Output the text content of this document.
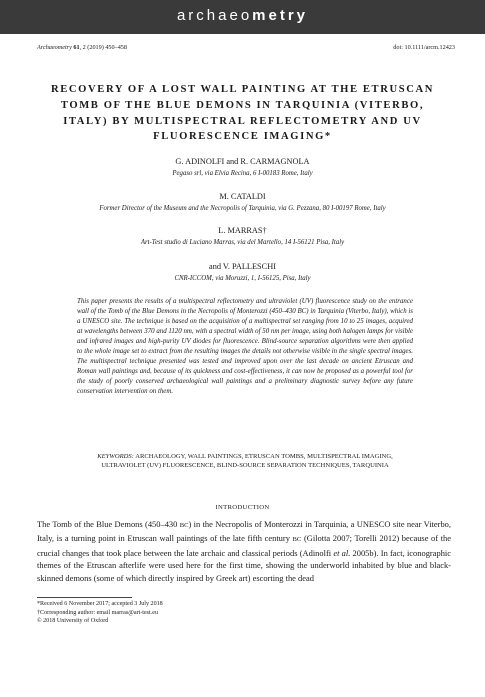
archaeometry
Archaeometry 61, 2 (2019) 450–458	doi: 10.1111/arcm.12423
RECOVERY OF A LOST WALL PAINTING AT THE ETRUSCAN TOMB OF THE BLUE DEMONS IN TARQUINIA (VITERBO, ITALY) BY MULTISPECTRAL REFLECTOMETRY AND UV FLUORESCENCE IMAGING*
G. ADINOLFI and R. CARMAGNOLA
Pegaso srl, via Elvia Recina, 6 I-00183 Rome, Italy
M. CATALDI
Former Director of the Museum and the Necropolis of Tarquinia, via G. Pezzana, 80 I-00197 Rome, Italy
L. MARRAS†
Art-Test studio di Luciano Marras, via del Martello, 14 I-56121 Pisa, Italy
and V. PALLESCHI
CNR-ICCOM, via Moruzzi, 1, I-56125, Pisa, Italy
This paper presents the results of a multispectral reflectometry and ultraviolet (UV) fluorescence study on the entrance wall of the Tomb of the Blue Demons in the Necropolis of Monterozzi (450–430 BC) in Tarquinia (Viterbo, Italy), which is a UNESCO site. The technique is based on the acquisition of a multispectral set ranging from 10 to 25 images, acquired at wavelengths between 370 and 1120 nm, with a spectral width of 50 nm per image, using both halogen lamps for visible and infrared images and high-purity UV diodes for fluorescence. Blind-source separation algorithms were then applied to the whole image set to extract from the resulting images the details not otherwise visible in the single spectral images. The multispectral technique presented was tested and improved upon over the last decade on ancient Etruscan and Roman wall paintings and, because of its quickness and cost-effectiveness, it can now be proposed as a powerful tool for the study of poorly conserved archaeological wall paintings and a preliminary diagnostic survey before any future conservation intervention on them.
KEYWORDS: ARCHAEOLOGY, WALL PAINTINGS, ETRUSCAN TOMBS, MULTISPECTRAL IMAGING, ULTRAVIOLET (UV) FLUORESCENCE, BLIND-SOURCE SEPARATION TECHNIQUES, TARQUINIA
INTRODUCTION
The Tomb of the Blue Demons (450–430 BC) in the Necropolis of Monterozzi in Tarquinia, a UNESCO site near Viterbo, Italy, is a turning point in Etruscan wall paintings of the late fifth century BC (Gilotta 2007; Torelli 2012) because of the crucial changes that took place between the late archaic and classical periods (Adinolfi et al. 2005b). In fact, iconographic themes of the Etruscan afterlife were used here for the first time, showing the underworld inhabited by blue and black-skinned demons (some of which directly inspired by Greek art) escorting the dead
*Received 6 November 2017; accepted 3 July 2018
†Corresponding author: email marras@art-test.eu
© 2018 University of Oxford
